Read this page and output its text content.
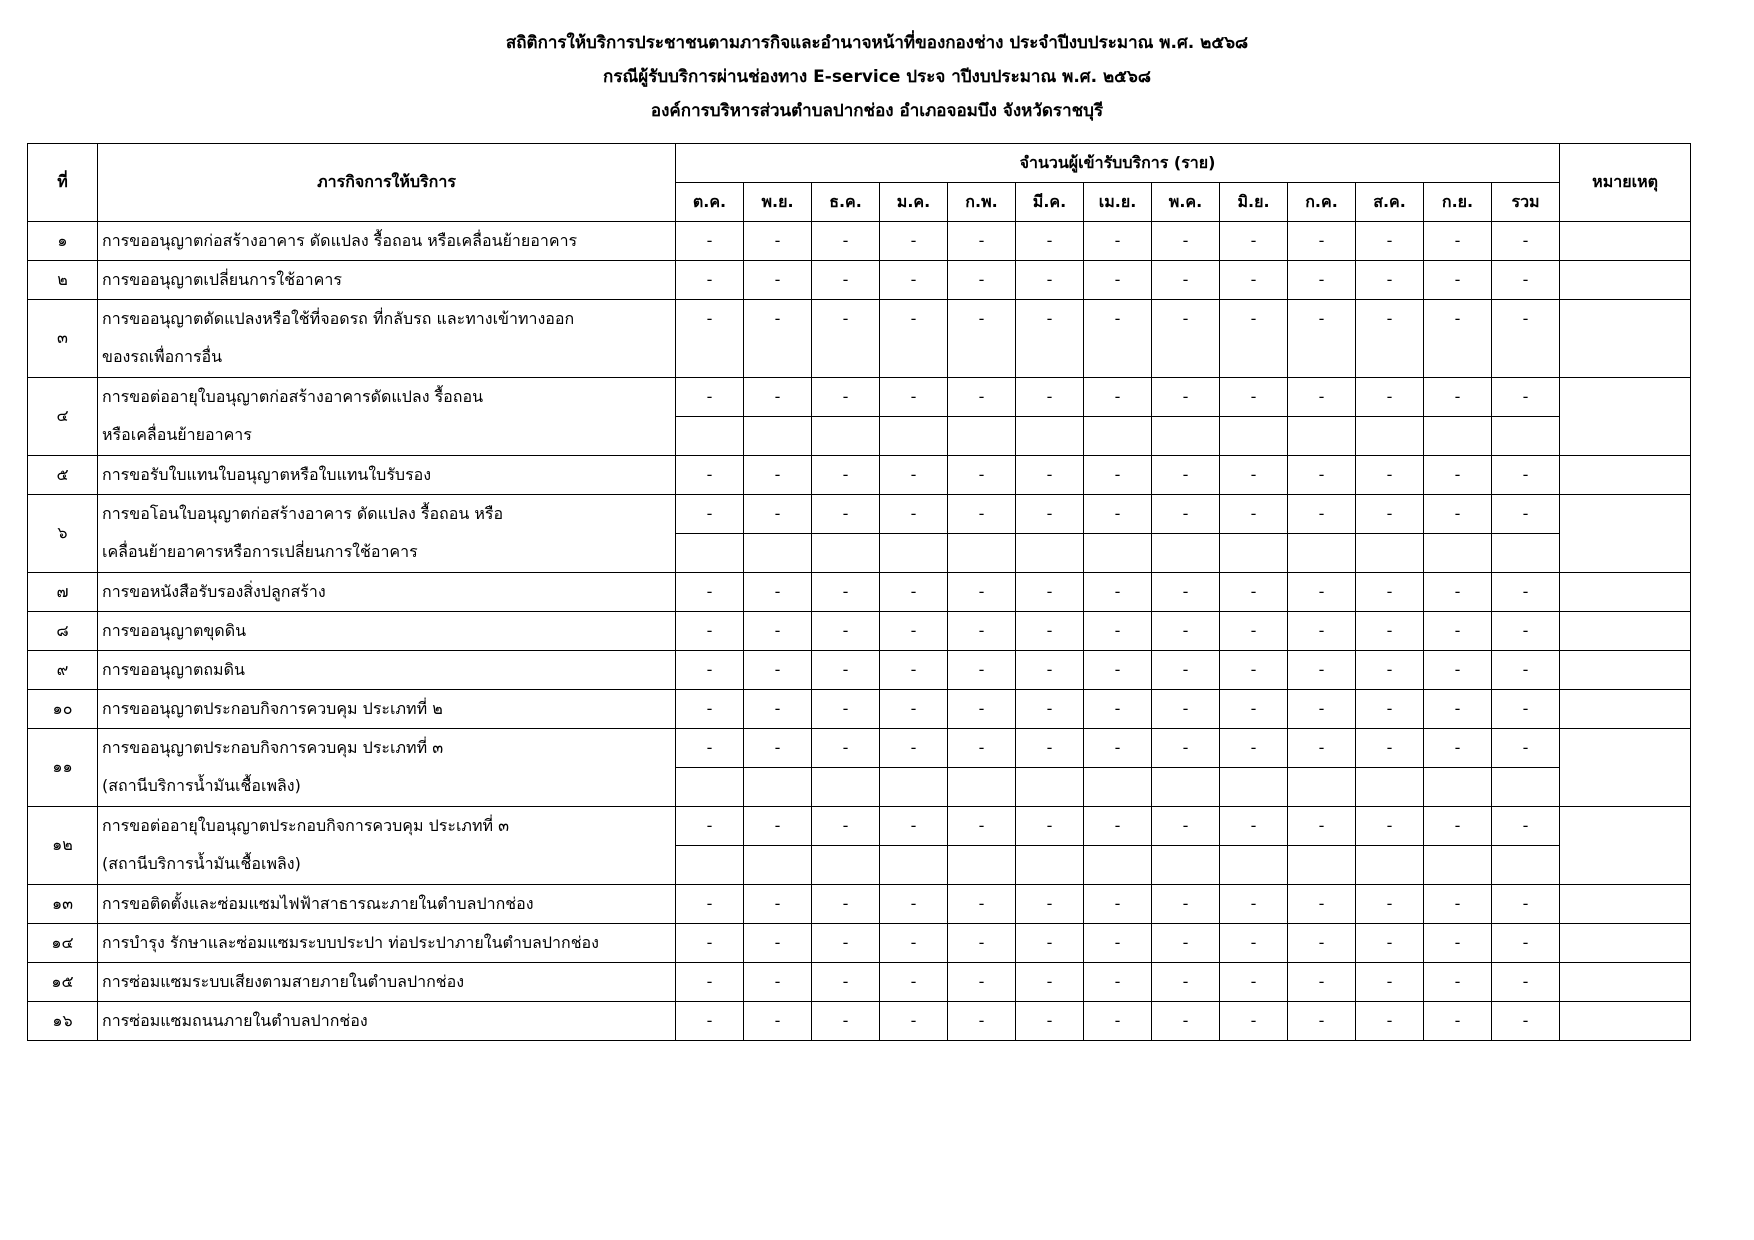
สถิติการให้บริการประชาชนตามภารกิจและอำนาจหน้าที่ของกองช่าง ประจำปีงบประมาณ พ.ศ. ๒๕๖๘
กรณีผู้รับบริการผ่านช่องทาง E-service ประจ าปีงบประมาณ พ.ศ. ๒๕๖๘
องค์การบริหารส่วนตำบลปากช่อง อำเภอจอมบึง จังหวัดราชบุรี
ที่	ภารกิจการให้บริการ	จำนวนผู้เข้ารับบริการ (ราย)													หมายเหตุ
		ต.ค.	พ.ย.	ธ.ค.	ม.ค.	ก.พ.	มี.ค.	เม.ย.	พ.ค.	มิ.ย.	ก.ค.	ส.ค.	ก.ย.	รวม	
๑	การขออนุญาตก่อสร้างอาคาร ดัดแปลง รื้อถอน หรือเคลื่อนย้ายอาคาร	-	-	-	-	-	-	-	-	-	-	-	-	-	
๒	การขออนุญาตเปลี่ยนการใช้อาคาร	-	-	-	-	-	-	-	-	-	-	-	-	-	
๓	การขออนุญาตดัดแปลงหรือใช้ที่จอดรถ ที่กลับรถ และทางเข้าทางออก
ของรถเพื่อการอื่น	-	-	-	-	-	-	-	-	-	-	-	-	-	

๔	การขอต่ออายุใบอนุญาตก่อสร้างอาคารดัดแปลง รื้อถอน
หรือเคลื่อนย้ายอาคาร	-	-	-	-	-	-	-	-	-	-	-	-	-	

๕	การขอรับใบแทนใบอนุญาตหรือใบแทนใบรับรอง	-	-	-	-	-	-	-	-	-	-	-	-	-	
๖	การขอโอนใบอนุญาตก่อสร้างอาคาร ดัดแปลง รื้อถอน หรือ
เคลื่อนย้ายอาคารหรือการเปลี่ยนการใช้อาคาร	-	-	-	-	-	-	-	-	-	-	-	-	-	

๗	การขอหนังสือรับรองสิ่งปลูกสร้าง	-	-	-	-	-	-	-	-	-	-	-	-	-	
๘	การขออนุญาตขุดดิน	-	-	-	-	-	-	-	-	-	-	-	-	-	
๙	การขออนุญาตถมดิน	-	-	-	-	-	-	-	-	-	-	-	-	-	
๑๐	การขออนุญาตประกอบกิจการควบคุม ประเภทที่ ๒	-	-	-	-	-	-	-	-	-	-	-	-	-	
๑๑	การขออนุญาตประกอบกิจการควบคุม ประเภทที่ ๓
(สถานีบริการน้ำมันเชื้อเพลิง)	-	-	-	-	-	-	-	-	-	-	-	-	-	

๑๒	การขอต่ออายุใบอนุญาตประกอบกิจการควบคุม ประเภทที่ ๓
(สถานีบริการน้ำมันเชื้อเพลิง)	-	-	-	-	-	-	-	-	-	-	-	-	-	

๑๓	การขอติดตั้งและซ่อมแซมไฟฟ้าสาธารณะภายในตำบลปากช่อง	-	-	-	-	-	-	-	-	-	-	-	-	-	
๑๔	การบำรุง รักษาและซ่อมแซมระบบประปา ท่อประปาภายในตำบลปากช่อง	-	-	-	-	-	-	-	-	-	-	-	-	-	
๑๕	การซ่อมแซมระบบเสียงตามสายภายในตำบลปากช่อง	-	-	-	-	-	-	-	-	-	-	-	-	-	
๑๖	การซ่อมแซมถนนภายในตำบลปากช่อง	-	-	-	-	-	-	-	-	-	-	-	-	-	
